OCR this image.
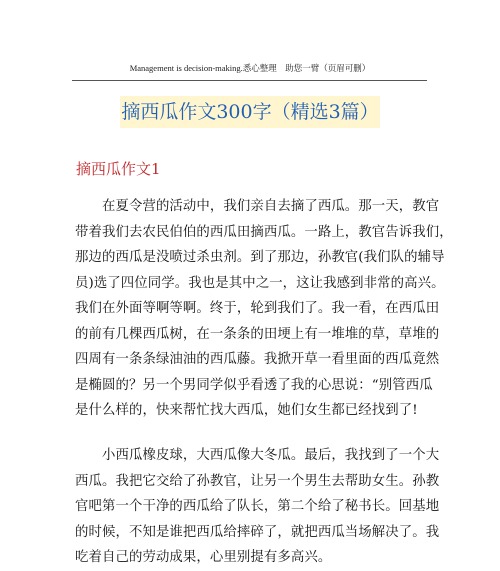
Management is decision-making.悉心整理　助您一臂（页眉可删）
摘西瓜作文300字（精选3篇）
摘西瓜作文1
　　在夏令营的活动中，我们亲自去摘了西瓜。那一天，教官
带着我们去农民伯伯的西瓜田摘西瓜。一路上，教官告诉我们，
那边的西瓜是没喷过杀虫剂。到了那边，孙教官(我们队的辅导
员)选了四位同学。我也是其中之一，这让我感到非常的高兴。
我们在外面等啊等啊。终于，轮到我们了。我一看，在西瓜田
的前有几棵西瓜树，在一条条的田埂上有一堆堆的草，草堆的
四周有一条条绿油油的西瓜藤。我掀开草一看里面的西瓜竟然
是椭圆的？另一个男同学似乎看透了我的心思说：“别管西瓜
是什么样的，快来帮忙找大西瓜，她们女生都已经找到了!
　　小西瓜橡皮球，大西瓜像大冬瓜。最后，我找到了一个大
西瓜。我把它交给了孙教官，让另一个男生去帮助女生。孙教
官吧第一个干净的西瓜给了队长，第二个给了秘书长。回基地
的时候，不知是谁把西瓜给摔碎了，就把西瓜当场解决了。我
吃着自己的劳动成果，心里别提有多高兴。
